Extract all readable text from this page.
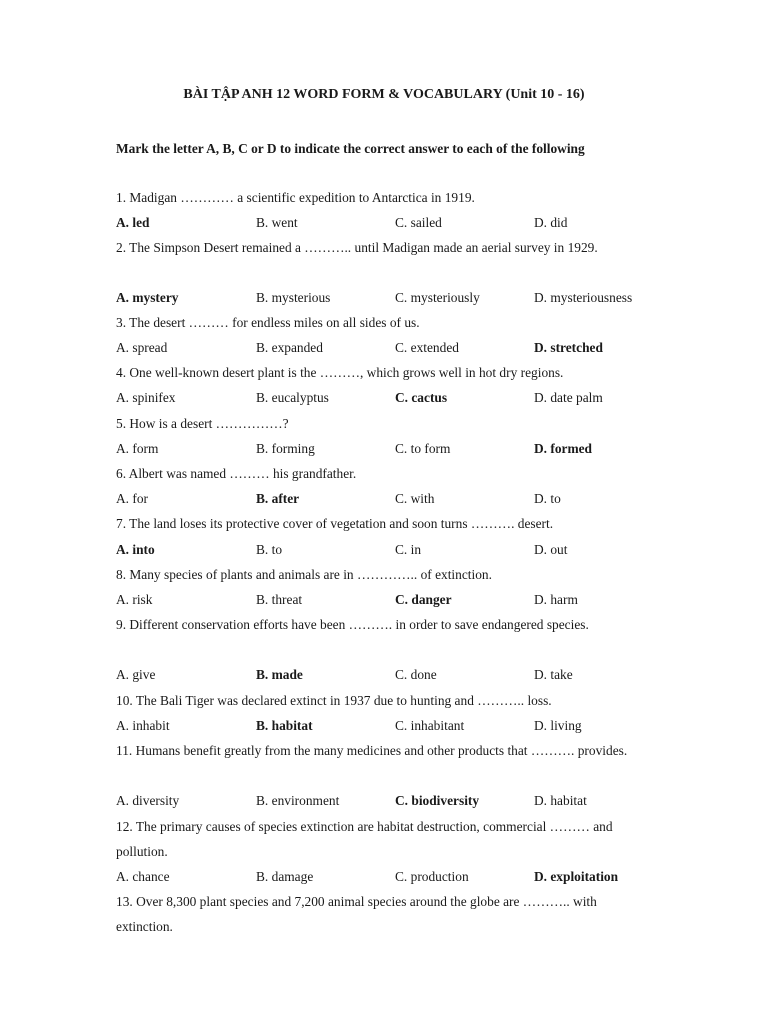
BÀI TẬP ANH 12 WORD FORM & VOCABULARY (Unit 10 - 16)
Mark the letter A, B, C or D to indicate the correct answer to each of the following
1. Madigan ………… a scientific expedition to Antarctica in 1919.
A. led	B. went	C. sailed	D. did
2. The Simpson Desert remained a ……….. until Madigan made an aerial survey in 1929.
A. mystery	B. mysterious	C. mysteriously	D. mysteriousness
3. The desert ……… for endless miles on all sides of us.
A. spread	B. expanded	C. extended	D. stretched
4. One well-known desert plant is the ………, which grows well in hot dry regions.
A. spinifex	B. eucalyptus	C. cactus	D. date palm
5. How is a desert ……………?
A. form	B. forming	C. to form	D. formed
6. Albert was named ……… his grandfather.
A. for	B. after	C. with	D. to
7. The land loses its protective cover of vegetation and soon turns ………. desert.
A. into	B. to	C. in	D. out
8. Many species of plants and animals are in ………….. of extinction.
A. risk	B. threat	C. danger	D. harm
9. Different conservation efforts have been ………. in order to save endangered species.
A. give	B. made	C. done	D. take
10. The Bali Tiger was declared extinct in 1937 due to hunting and ……….. loss.
A. inhabit	B. habitat	C. inhabitant	D. living
11. Humans benefit greatly from the many medicines and other products that ………. provides.
A. diversity	B. environment	C. biodiversity	D. habitat
12. The primary causes of species extinction are habitat destruction, commercial ……… and pollution.
A. chance	B. damage	C. production	D. exploitation
13. Over 8,300 plant species and 7,200 animal species around the globe are ……….. with extinction.
